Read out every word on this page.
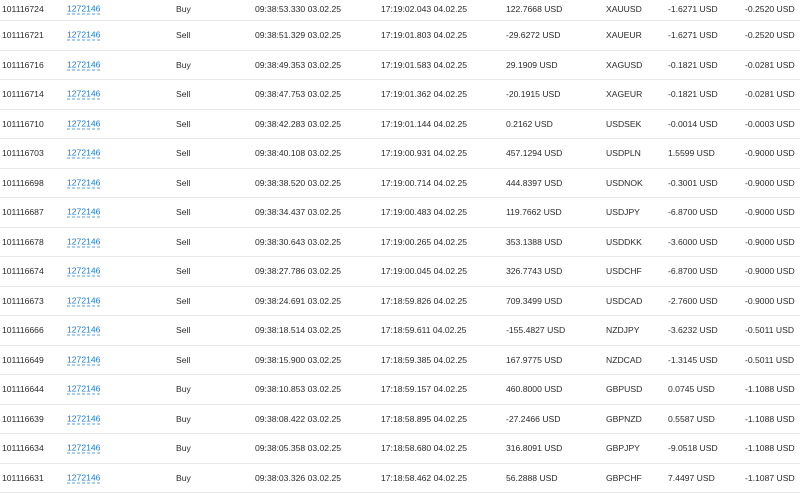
101116724	1272146	Buy	09:38:53.330 03.02.25	17:19:02.043 04.02.25	122.7668 USD	XAUUSD	-1.6271 USD	-0.2520 USD
101116721	1272146	Sell	09:38:51.329 03.02.25	17:19:01.803 04.02.25	-29.6272 USD	XAUEUR	-1.6271 USD	-0.2520 USD
101116716	1272146	Buy	09:38:49.353 03.02.25	17:19:01.583 04.02.25	29.1909 USD	XAGUSD	-0.1821 USD	-0.0281 USD
101116714	1272146	Sell	09:38:47.753 03.02.25	17:19:01.362 04.02.25	-20.1915 USD	XAGEUR	-0.1821 USD	-0.0281 USD
101116710	1272146	Sell	09:38:42.283 03.02.25	17:19:01.144 04.02.25	0.2162 USD	USDSEK	-0.0014 USD	-0.0003 USD
101116703	1272146	Sell	09:38:40.108 03.02.25	17:19:00.931 04.02.25	457.1294 USD	USDPLN	1.5599 USD	-0.9000 USD
101116698	1272146	Sell	09:38:38.520 03.02.25	17:19:00.714 04.02.25	444.8397 USD	USDNOK	-0.3001 USD	-0.9000 USD
101116687	1272146	Sell	09:38:34.437 03.02.25	17:19:00.483 04.02.25	119.7662 USD	USDJPY	-6.8700 USD	-0.9000 USD
101116678	1272146	Sell	09:38:30.643 03.02.25	17:19:00.265 04.02.25	353.1388 USD	USDDKK	-3.6000 USD	-0.9000 USD
101116674	1272146	Sell	09:38:27.786 03.02.25	17:19:00.045 04.02.25	326.7743 USD	USDCHF	-6.8700 USD	-0.9000 USD
101116673	1272146	Sell	09:38:24.691 03.02.25	17:18:59.826 04.02.25	709.3499 USD	USDCAD	-2.7600 USD	-0.9000 USD
101116666	1272146	Sell	09:38:18.514 03.02.25	17:18:59.611 04.02.25	-155.4827 USD	NZDJPY	-3.6232 USD	-0.5011 USD
101116649	1272146	Sell	09:38:15.900 03.02.25	17:18:59.385 04.02.25	167.9775 USD	NZDCAD	-1.3145 USD	-0.5011 USD
101116644	1272146	Buy	09:38:10.853 03.02.25	17:18:59.157 04.02.25	460.8000 USD	GBPUSD	0.0745 USD	-1.1088 USD
101116639	1272146	Buy	09:38:08.422 03.02.25	17:18:58.895 04.02.25	-27.2466 USD	GBPNZD	0.5587 USD	-1.1088 USD
101116634	1272146	Buy	09:38:05.358 03.02.25	17:18:58.680 04.02.25	316.8091 USD	GBPJPY	-9.0518 USD	-1.1088 USD
101116631	1272146	Buy	09:38:03.326 03.02.25	17:18:58.462 04.02.25	56.2888 USD	GBPCHF	7.4497 USD	-1.1087 USD
